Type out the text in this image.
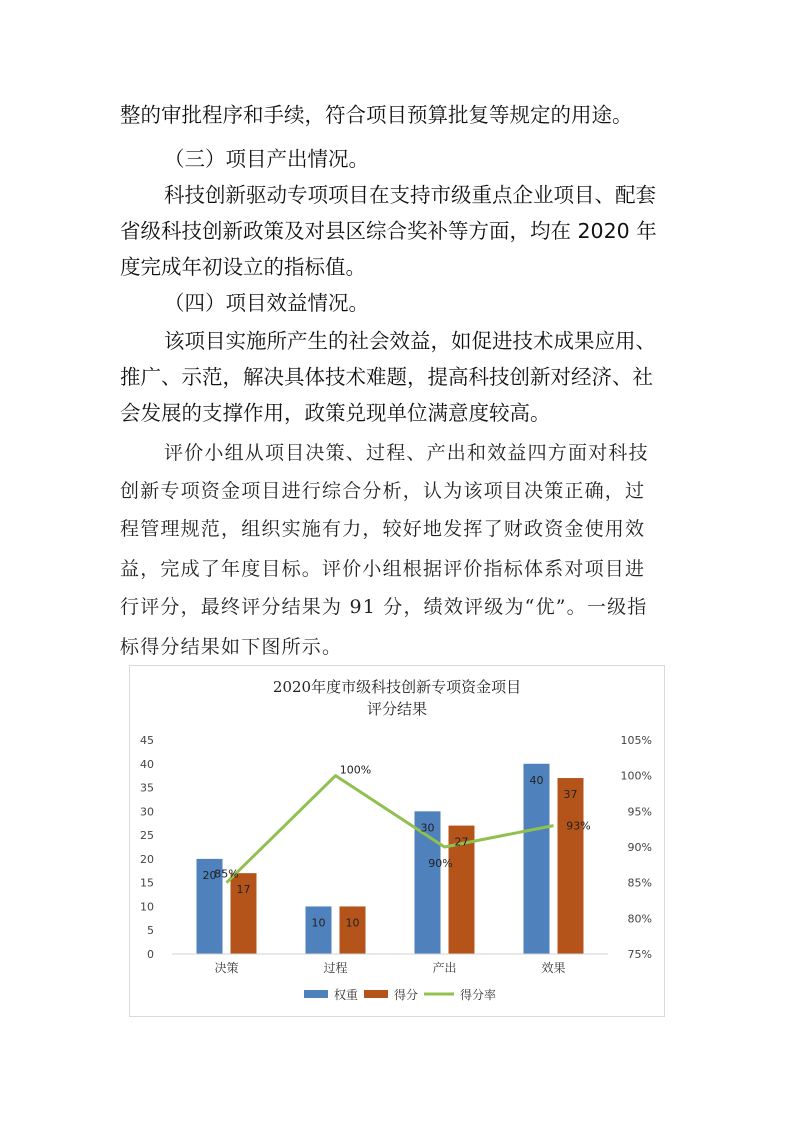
整的审批程序和手续，符合项目预算批复等规定的用途。

（三）项目产出情况。

科技创新驱动专项项目在支持市级重点企业项目、配套

省级科技创新政策及对县区综合奖补等方面，均在 2020 年

度完成年初设立的指标值。

（四）项目效益情况。

该项目实施所产生的社会效益，如促进技术成果应用、

推广、示范，解决具体技术难题，提高科技创新对经济、社

会发展的支撑作用，政策兑现单位满意度较高。

评价小组从项目决策、过程、产出和效益四方面对科技

创新专项资金项目进行综合分析，认为该项目决策正确，过

程管理规范，组织实施有力，较好地发挥了财政资金使用效

益，完成了年度目标。评价小组根据评价指标体系对项目进

行评分，最终评分结果为 91 分，绩效评级为“优”。一级指

标得分结果如下图所示。

20
10
30
40
17
10
27
37
85%
100%
90%
93%
0
5
10
15
20
25
30
35
40
45
75%
80%
85%
90%
95%
100%
105%
决策	过程	产出	效果
2020年度市级科技创新专项资金项目
评分结果
权重	得分	得分率
